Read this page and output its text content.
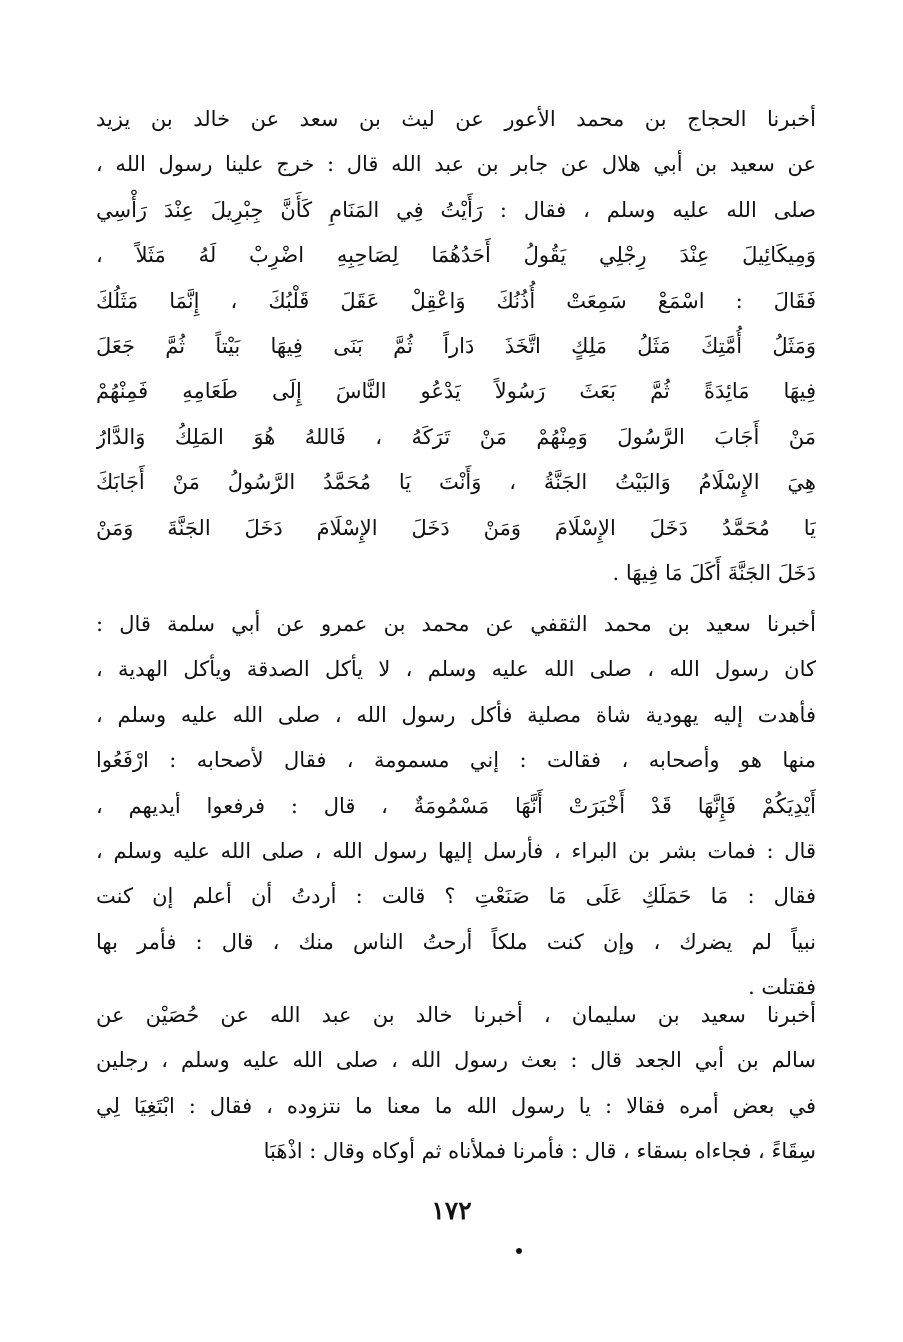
أخبرنا الحجاج بن محمد الأعور عن ليث بن سعد عن خالد بن يزيد
عن سعيد بن أبي هلال عن جابر بن عبد الله قال : خرج علينا رسول الله ،
صلى الله عليه وسلم ، فقال : رَأَيْتُ فِي المَنَامِ كَأَنَّ جِبْرِيلَ عِنْدَ رَأْسِي
وَمِيكَائِيلَ عِنْدَ رِجْلِي يَقُولُ أَحَدُهُمَا لِصَاحِبِهِ اضْرِبْ لَهُ مَثَلاً ،
فَقَالَ : اسْمَعْ سَمِعَتْ أُذُنُكَ وَاعْقِلْ عَقَلَ قَلْبُكَ ، إِنَّمَا مَثَلُكَ
وَمَثَلُ أُمَّتِكَ مَثَلُ مَلِكٍ اتَّخَذَ دَاراً ثُمَّ بَنَى فِيهَا بَيْتاً ثُمَّ جَعَلَ
فِيهَا مَائِدَةً ثُمَّ بَعَثَ رَسُولاً يَدْعُو النَّاسَ إِلَى طَعَامِهِ فَمِنْهُمْ
مَنْ أَجَابَ الرَّسُولَ وَمِنْهُمْ مَنْ تَرَكَهُ ، فَاللهُ هُوَ المَلِكُ وَالدَّارُ
هِيَ الإِسْلَامُ وَالبَيْتُ الجَنَّةُ ، وَأَنْتَ يَا مُحَمَّدُ الرَّسُولُ مَنْ أَجَابَكَ
يَا مُحَمَّدُ دَخَلَ الإِسْلَامَ وَمَنْ دَخَلَ الإِسْلَامَ دَخَلَ الجَنَّةَ وَمَنْ
دَخَلَ الجَنَّةَ أَكَلَ مَا فِيهَا .
أخبرنا سعيد بن محمد الثقفي عن محمد بن عمرو عن أبي سلمة قال :
كان رسول الله ، صلى الله عليه وسلم ، لا يأكل الصدقة ويأكل الهدية ،
فأهدت إليه يهودية شاة مصلية فأكل رسول الله ، صلى الله عليه وسلم ،
منها هو وأصحابه ، فقالت : إني مسمومة ، فقال لأصحابه : ارْفَعُوا
أَيْدِيَكُمْ فَإِنَّهَا قَدْ أَخْبَرَتْ أَنَّهَا مَسْمُومَةٌ ، قال : فرفعوا أيديهم ،
قال : فمات بشر بن البراء ، فأرسل إليها رسول الله ، صلى الله عليه وسلم ،
فقال : مَا حَمَلَكِ عَلَى مَا صَنَعْتِ ؟ قالت : أردتُ أن أعلم إن كنت
نبياً لم يضرك ، وإن كنت ملكاً أرحتُ الناس منك ، قال : فأمر بها
فقتلت .
أخبرنا سعيد بن سليمان ، أخبرنا خالد بن عبد الله عن حُصَيْن عن
سالم بن أبي الجعد قال : بعث رسول الله ، صلى الله عليه وسلم ، رجلين
في بعض أمره فقالا : يا رسول الله ما معنا ما نتزوده ، فقال : ابْتَغِيَا لِي
سِقَاءً ، فجاءاه بسقاء ، قال : فأمرنا فملأناه ثم أوكاه وقال : اذْهَبَا
١٧٢
